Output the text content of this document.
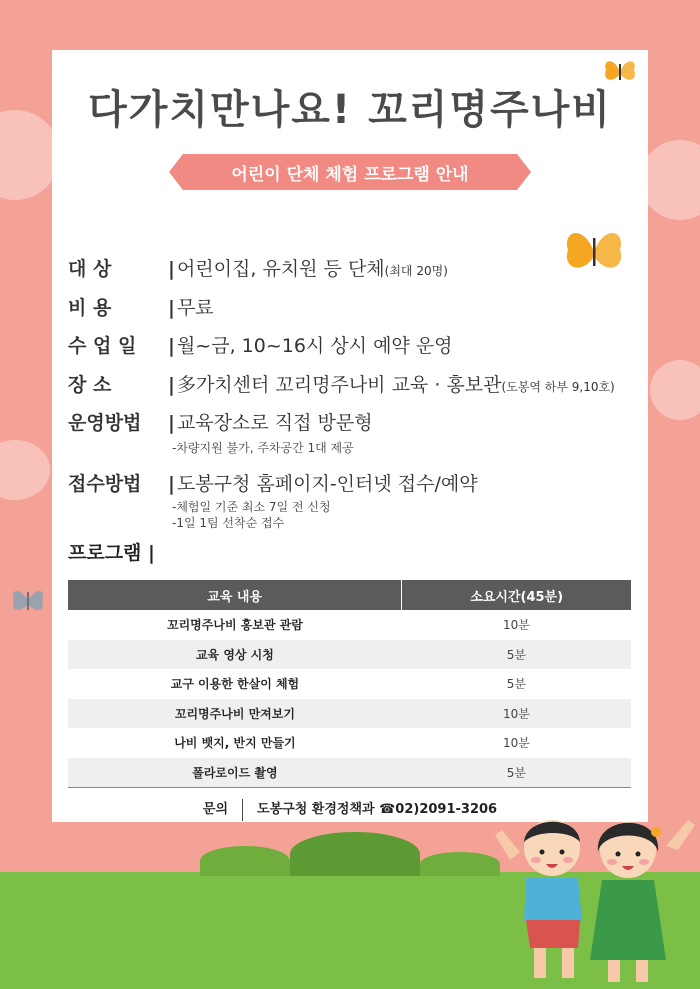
다가치만나요! 꼬리명주나비
어린이 단체 체험 프로그램 안내
대 상	| 어린이집, 유치원 등 단체(최대 20명)
비 용	| 무료
수 업 일	| 월~금, 10~16시 상시 예약 운영
장 소	| 多가치센터 꼬리명주나비 교육 · 홍보관(도봉역 하부 9,10호)
운영방법	| 교육장소로 직접 방문형
-차량지원 불가, 주차공간 1대 제공
접수방법	| 도봉구청 홈페이지-인터넷 접수/예약
-체험일 기준 최소 7일 전 신청
-1일 1팀 선착순 접수
프로그램 |
교육 내용	소요시간(45분)
꼬리명주나비 홍보관 관람	10분
교육 영상 시청	5분
교구 이용한 한살이 체험	5분
꼬리명주나비 만져보기	10분
나비 뱃지, 반지 만들기	10분
폴라로이드 촬영	5분
문의 도봉구청 환경정책과 ☎02)2091-3206
